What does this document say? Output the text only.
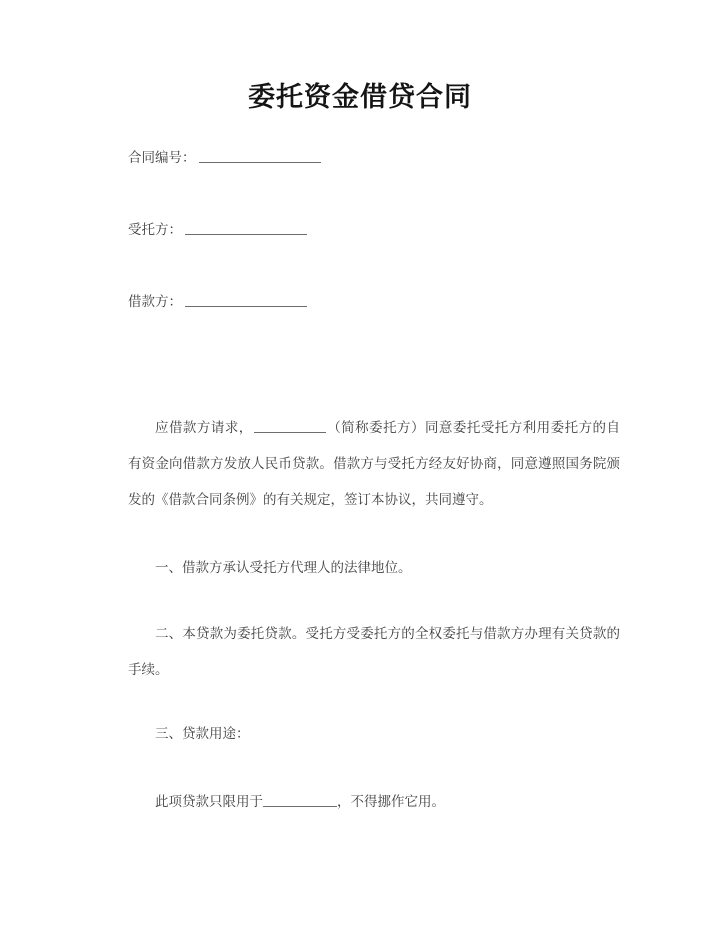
委托资金借贷合同
合同编号：
受托方：
借款方：

应借款方请求，	（简称委托方）同意委托受托方利用委托方的自有资金向借款方发放人民币贷款。借款方与受托方经友好协商，同意遵照国务院颁发的《借款合同条例》的有关规定，签订本协议，共同遵守。

一、借款方承认受托方代理人的法律地位。

二、本贷款为委托贷款。受托方受委托方的全权委托与借款方办理有关贷款的手续。

三、贷款用途：

此项贷款只限用于	，不得挪作它用。
